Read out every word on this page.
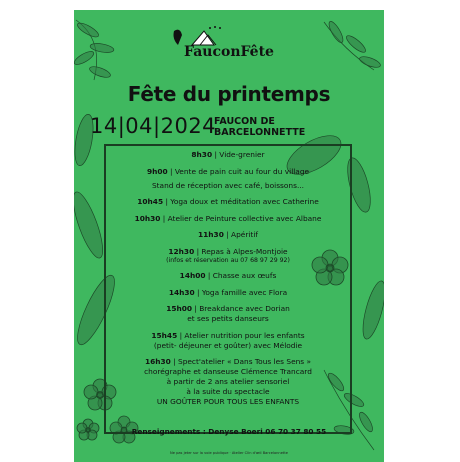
FauconFête
Fête du printemps
14|04|2024
FAUCON DE
BARCELONNETTE
8h30 | Vide-grenier
9h00 | Vente de pain cuit au four du village
Stand de réception avec café, boissons...
10h45 | Yoga doux et méditation avec Catherine
10h30 | Atelier de Peinture collective avec Albane
11h30 | Apéritif
12h30 | Repas à Alpes-Montjoie
(infos et réservation au 07 68 97 29 92)
14h00 | Chasse aux œufs
14h30 | Yoga famille avec Flora
15h00 | Breakdance avec Dorian
et ses petits danseurs
15h45 | Atelier nutrition pour les enfants
(petit- déjeuner et goûter) avec Mélodie
16h30 | Spect'atelier « Dans Tous les Sens »
chorégraphe et danseuse Clémence Trancard
à partir de 2 ans atelier sensoriel
à la suite du spectacle
UN GOÛTER POUR TOUS LES ENFANTS
Renseignements : Denyse Boeri 06 70 37 80 55
Ne pas jeter sur la voie publique · Atelier Clin d'œil Barcelonnette
